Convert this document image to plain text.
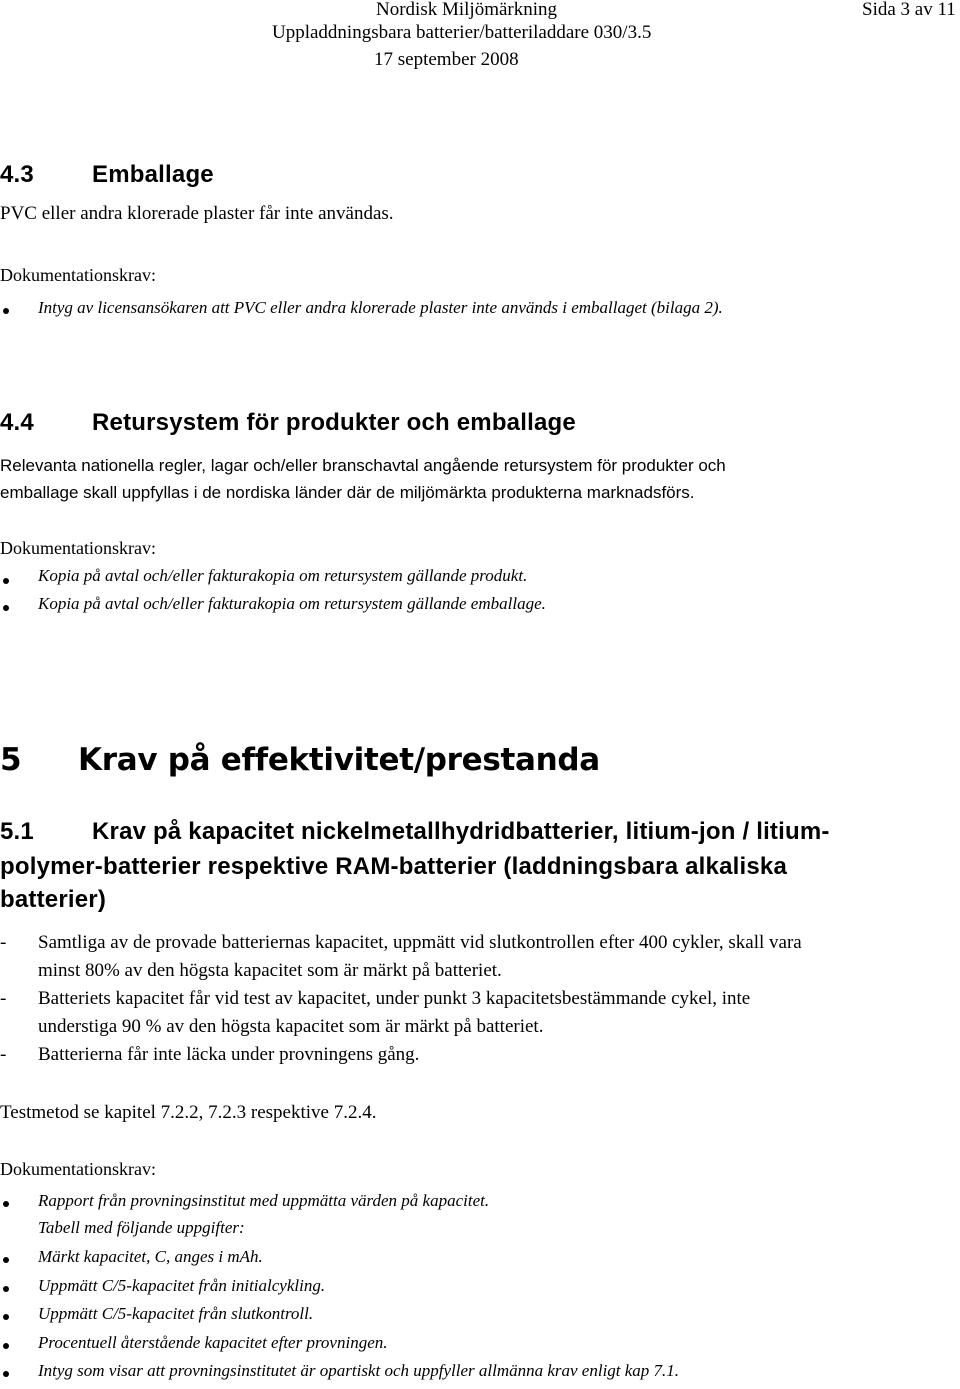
Nordisk Miljömärkning	Sida 3 av 11
Uppladdningsbara batterier/batteriladdare 030/3.5
17 september 2008
4.3 Emballage
PVC eller andra klorerade plaster får inte användas.
Dokumentationskrav:
Intyg av licensansökaren att PVC eller andra klorerade plaster inte används i emballaget (bilaga 2).
4.4 Retursystem för produkter och emballage
Relevanta nationella regler, lagar och/eller branschavtal angående retursystem för produkter och
emballage skall uppfyllas i de nordiska länder där de miljömärkta produkterna marknadsförs.
Dokumentationskrav:
Kopia på avtal och/eller fakturakopia om retursystem gällande produkt.
Kopia på avtal och/eller fakturakopia om retursystem gällande emballage.
5 Krav på effektivitet/prestanda
5.1 Krav på kapacitet nickelmetallhydridbatterier, litium-jon / litium-
polymer-batterier respektive RAM-batterier (laddningsbara alkaliska
batterier)
- Samtliga av de provade batteriernas kapacitet, uppmätt vid slutkontrollen efter 400 cykler, skall vara
minst 80% av den högsta kapacitet som är märkt på batteriet.
- Batteriets kapacitet får vid test av kapacitet, under punkt 3 kapacitetsbestämmande cykel, inte
understiga 90 % av den högsta kapacitet som är märkt på batteriet.
- Batterierna får inte läcka under provningens gång.
Testmetod se kapitel 7.2.2, 7.2.3 respektive 7.2.4.
Dokumentationskrav:
Rapport från provningsinstitut med uppmätta värden på kapacitet.
Tabell med följande uppgifter:
Märkt kapacitet, C, anges i mAh.
Uppmätt C/5-kapacitet från initialcykling.
Uppmätt C/5-kapacitet från slutkontroll.
Procentuell återstående kapacitet efter provningen.
Intyg som visar att provningsinstitutet är opartiskt och uppfyller allmänna krav enligt kap 7.1.
